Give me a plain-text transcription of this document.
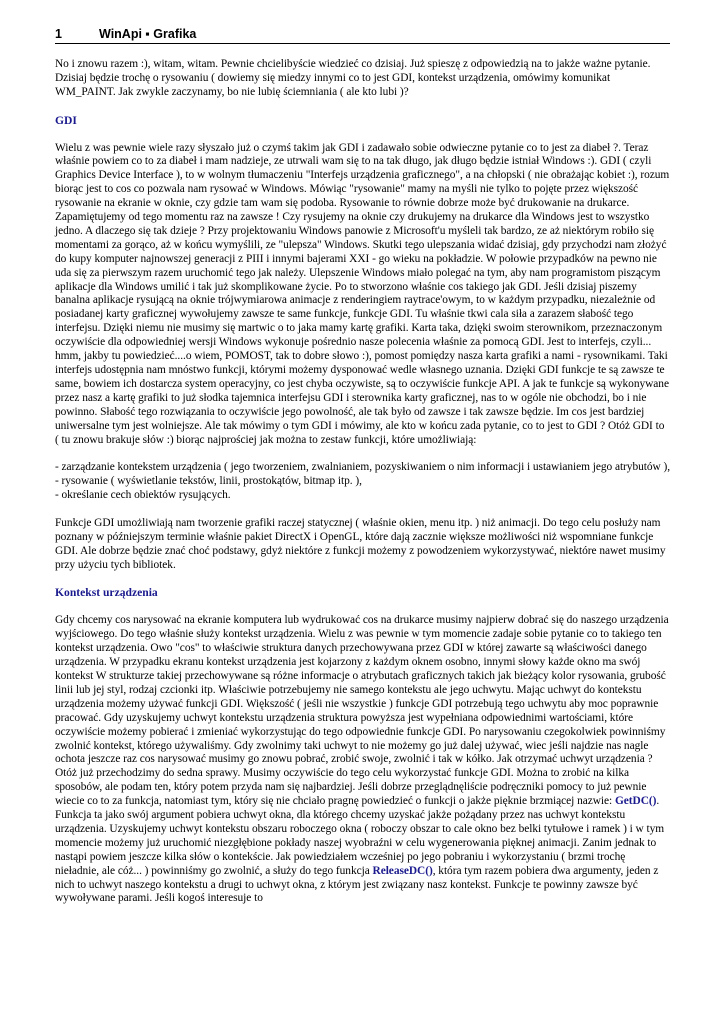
1	WinApi ▪ Grafika

No i znowu razem :), witam, witam. Pewnie chcielibyście wiedzieć co dzisiaj. Już spieszę z odpowiedzią na to jakże ważne pytanie. Dzisiaj będzie trochę o rysowaniu ( dowiemy się miedzy innymi co to jest GDI, kontekst urządzenia, omówimy komunikat WM_PAINT. Jak zwykle zaczynamy, bo nie lubię ściemniania ( ale kto lubi )?

GDI

Wielu z was pewnie wiele razy słyszało już o czymś takim jak GDI i zadawało sobie odwieczne pytanie co to jest za diabeł ?. Teraz właśnie powiem co to za diabeł i mam nadzieje, ze utrwali wam się to na tak długo, jak długo będzie istniał Windows :). GDI ( czyli Graphics Device Interface ), to w wolnym tłumaczeniu "Interfejs urządzenia graficznego", a na chłopski ( nie obrażając kobiet :), rozum biorąc jest to cos co pozwala nam rysować w Windows. Mówiąc "rysowanie" mamy na myśli nie tylko to pojęte przez większość rysowanie na ekranie w oknie, czy gdzie tam wam się podoba. Rysowanie to równie dobrze może być drukowanie na drukarce. Zapamiętujemy od tego momentu raz na zawsze ! Czy rysujemy na oknie czy drukujemy na drukarce dla Windows jest to wszystko jedno. A dlaczego się tak dzieje ? Przy projektowaniu Windows panowie z Microsoft'u myśleli tak bardzo, ze aż niektórym robiło się momentami za gorąco, aż w końcu wymyślili, ze "ulepsza" Windows. Skutki tego ulepszania widać dzisiaj, gdy przychodzi nam złożyć do kupy komputer najnowszej generacji z PIII i innymi bajerami XXI - go wieku na pokładzie. W połowie przypadków na pewno nie uda się za pierwszym razem uruchomić tego jak należy. Ulepszenie Windows miało polegać na tym, aby nam programistom piszącym aplikacje dla Windows umilić i tak już skomplikowane życie. Po to stworzono właśnie cos takiego jak GDI. Jeśli dzisiaj piszemy banalna aplikacje rysującą na oknie trójwymiarowa animacje z renderingiem raytrace'owym, to w każdym przypadku, niezależnie od posiadanej karty graficznej wywołujemy zawsze te same funkcje, funkcje GDI. Tu właśnie tkwi cala siła a zarazem słabość tego interfejsu. Dzięki niemu nie musimy się martwic o to jaka mamy kartę grafiki. Karta taka, dzięki swoim sterownikom, przeznaczonym oczywiście dla odpowiedniej wersji Windows wykonuje pośrednio nasze polecenia właśnie za pomocą GDI. Jest to interfejs, czyli... hmm, jakby tu powiedzieć....o wiem, POMOST, tak to dobre słowo :), pomost pomiędzy nasza karta grafiki a nami - rysownikami. Taki interfejs udostępnia nam mnóstwo funkcji, którymi możemy dysponować wedle własnego uznania. Dzięki GDI funkcje te są zawsze te same, bowiem ich dostarcza system operacyjny, co jest chyba oczywiste, są to oczywiście funkcje API. A jak te funkcje są wykonywane przez nasz a kartę grafiki to już słodka tajemnica interfejsu GDI i sterownika karty graficznej, nas to w ogóle nie obchodzi, bo i nie powinno. Słabość tego rozwiązania to oczywiście jego powolność, ale tak było od zawsze i tak zawsze będzie. Im cos jest bardziej uniwersalne tym jest wolniejsze. Ale tak mówimy o tym GDI i mówimy, ale kto w końcu zada pytanie, co to jest to GDI ? Otóż GDI to ( tu znowu brakuje słów :) biorąc najprościej jak można to zestaw funkcji, które umożliwiają:

- zarządzanie kontekstem urządzenia ( jego tworzeniem, zwalnianiem, pozyskiwaniem o nim informacji i ustawianiem jego atrybutów ),

- rysowanie ( wyświetlanie tekstów, linii, prostokątów, bitmap itp. ),

- określanie cech obiektów rysujących.

Funkcje GDI umożliwiają nam tworzenie grafiki raczej statycznej ( właśnie okien, menu itp. ) niż animacji. Do tego celu posłuży nam poznany w późniejszym terminie właśnie pakiet DirectX i OpenGL, które dają zacznie większe możliwości niż wspomniane funkcje GDI. Ale dobrze będzie znać choć podstawy, gdyż niektóre z funkcji możemy z powodzeniem wykorzystywać, niektóre nawet musimy przy użyciu tych bibliotek.

Kontekst urządzenia

Gdy chcemy cos narysować na ekranie komputera lub wydrukować cos na drukarce musimy najpierw dobrać się do naszego urządzenia wyjściowego. Do tego właśnie służy kontekst urządzenia. Wielu z was pewnie w tym momencie zadaje sobie pytanie co to takiego ten kontekst urządzenia. Owo "cos" to właściwie struktura danych przechowywana przez GDI w której zawarte są właściwości danego urządzenia. W przypadku ekranu kontekst urządzenia jest kojarzony z każdym oknem osobno, innymi słowy każde okno ma swój kontekst W strukturze takiej przechowywane są różne informacje o atrybutach graficznych takich jak bieżący kolor rysowania, grubość linii lub jej styl, rodzaj czcionki itp. Właściwie potrzebujemy nie samego kontekstu ale jego uchwytu. Mając uchwyt do kontekstu urządzenia możemy używać funkcji GDI. Większość ( jeśli nie wszystkie ) funkcje GDI potrzebują tego uchwytu aby moc poprawnie pracować. Gdy uzyskujemy uchwyt kontekstu urządzenia struktura powyższa jest wypełniana odpowiednimi wartościami, które oczywiście możemy pobierać i zmieniać wykorzystując do tego odpowiednie funkcje GDI. Po narysowaniu czegokolwiek powinniśmy zwolnić kontekst, którego używaliśmy. Gdy zwolnimy taki uchwyt to nie możemy go już dalej używać, wiec jeśli najdzie nas nagle ochota jeszcze raz cos narysować musimy go znowu pobrać, zrobić swoje, zwolnić i tak w kółko. Jak otrzymać uchwyt urządzenia ? Otóż już przechodzimy do sedna sprawy. Musimy oczywiście do tego celu wykorzystać funkcje GDI. Można to zrobić na kilka sposobów, ale podam ten, który potem przyda nam się najbardziej. Jeśli dobrze przeglądnęliście podręczniki pomocy to już pewnie wiecie co to za funkcja, natomiast tym, który się nie chciało pragnę powiedzieć o funkcji o jakże pięknie brzmiącej nazwie: GetDC(). Funkcja ta jako swój argument pobiera uchwyt okna, dla którego chcemy uzyskać jakże pożądany przez nas uchwyt kontekstu urządzenia. Uzyskujemy uchwyt kontekstu obszaru roboczego okna ( roboczy obszar to cale okno bez belki tytułowe i ramek ) i w tym momencie możemy już uruchomić niezgłębione pokłady naszej wyobraźni w celu wygenerowania pięknej animacji. Zanim jednak to nastąpi powiem jeszcze kilka słów o kontekście. Jak powiedziałem wcześniej po jego pobraniu i wykorzystaniu ( brzmi trochę nieładnie, ale cóż... ) powinniśmy go zwolnić, a służy do tego funkcja ReleaseDC(), która tym razem pobiera dwa argumenty, jeden z nich to uchwyt naszego kontekstu a drugi to uchwyt okna, z którym jest związany nasz kontekst. Funkcje te powinny zawsze być wywoływane parami. Jeśli kogoś interesuje to
